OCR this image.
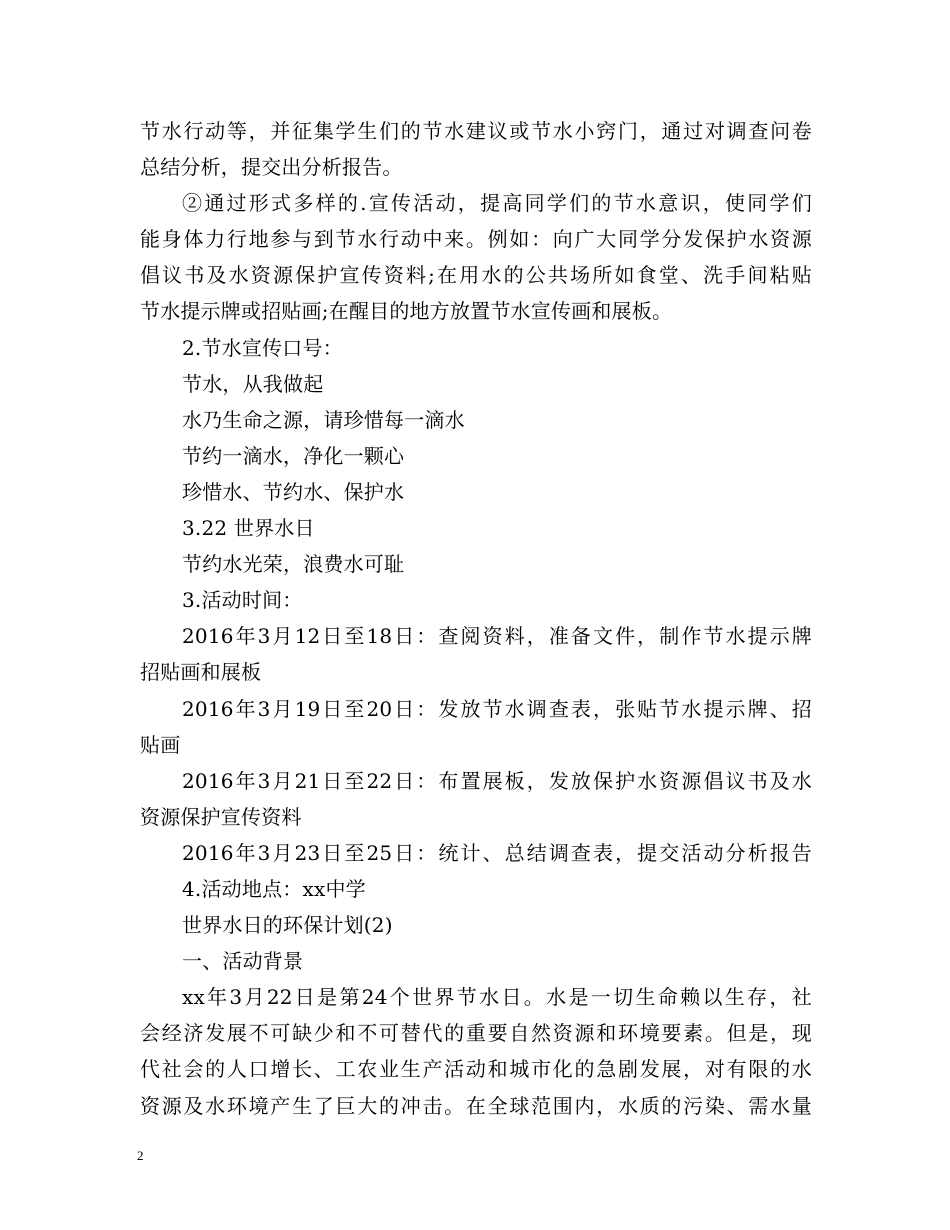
节水行动等，并征集学生们的节水建议或节水小窍门，通过对调查问卷
总结分析，提交出分析报告。
②通过形式多样的.宣传活动，提高同学们的节水意识，使同学们
能身体力行地参与到节水行动中来。例如：向广大同学分发保护水资源
倡议书及水资源保护宣传资料;在用水的公共场所如食堂、洗手间粘贴
节水提示牌或招贴画;在醒目的地方放置节水宣传画和展板。
2.节水宣传口号：
节水，从我做起
水乃生命之源，请珍惜每一滴水
节约一滴水，净化一颗心
珍惜水、节约水、保护水
3.22 世界水日
节约水光荣，浪费水可耻
3.活动时间：
2016年3月12日至18日：查阅资料，准备文件，制作节水提示牌
招贴画和展板
2016年3月19日至20日：发放节水调查表，张贴节水提示牌、招
贴画
2016年3月21日至22日：布置展板，发放保护水资源倡议书及水
资源保护宣传资料
2016年3月23日至25日：统计、总结调查表，提交活动分析报告
4.活动地点：xx中学
世界水日的环保计划(2)
一、活动背景
xx年3月22日是第24个世界节水日。水是一切生命赖以生存，社
会经济发展不可缺少和不可替代的重要自然资源和环境要素。但是，现
代社会的人口增长、工农业生产活动和城市化的急剧发展，对有限的水
资源及水环境产生了巨大的冲击。在全球范围内，水质的污染、需水量
2
